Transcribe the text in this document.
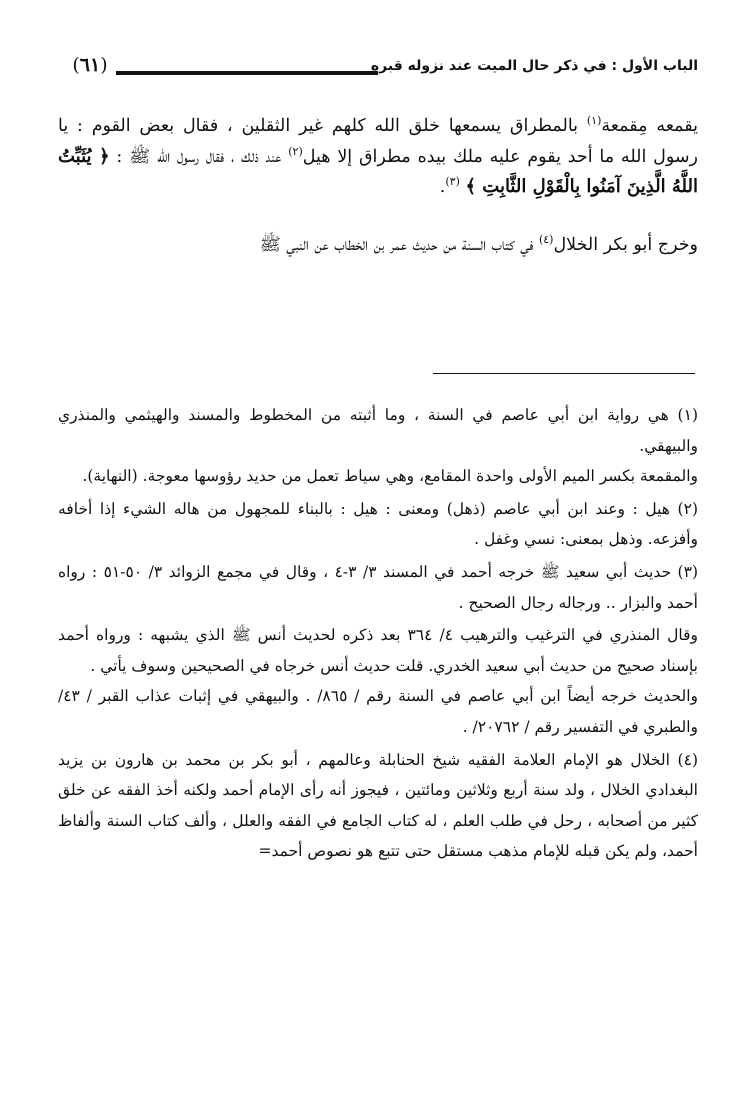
الباب الأول : في ذكر حال الميت عند نزوله قبره
(٦١)

يقمعه مِقمعة$^{(١)}$ بالمطراق يسمعها خلق الله كلهم غير الثقلين ، فقال بعض القوم : يا رسول الله ما أحد يقوم عليه ملك بيده مطراق إلا هيل$^{(٢)}$ عند ذلك ، فقال رسول الله ﷺ : ﴿ يُثَبِّتُ اللَّهُ الَّذِينَ آمَنُوا بِالْقَوْلِ الثَّابِتِ ﴾ $^{(٣)}$.

وخرج أبو بكر الخلال$^{(٤)}$ في كتاب السنة من حديث عمر بن الخطاب عن النبي ﷺ

(١) هي رواية ابن أبي عاصم في السنة ، وما أثبته من المخطوط والمسند والهيثمي والمنذري والبيهقي.

والمقمعة بكسر الميم الأولى واحدة المقامع، وهي سياط تعمل من حديد رؤوسها معوجة. (النهاية).

(٢) هيل : وعند ابن أبي عاصم (ذهل) ومعنى : هيل : بالبناء للمجهول من هاله الشيء إذا أخافه وأفزعه. وذهل بمعنى: نسي وغفل .

(٣) حديث أبي سعيد ﷺ خرجه أحمد في المسند ٣/ ٣-٤ ، وقال في مجمع الزوائد ٣/ ٥٠-٥١ : رواه أحمد والبزار .. ورجاله رجال الصحيح .

وقال المنذري في الترغيب والترهيب ٤/ ٣٦٤ بعد ذكره لحديث أنس ﷺ الذي يشبهه : ورواه أحمد بإسناد صحيح من حديث أبي سعيد الخدري. قلت حديث أنس خرجاه في الصحيحين وسوف يأتي .

والحديث خرجه أيضاً ابن أبي عاصم في السنة رقم / ٨٦٥/ . والبيهقي في إثبات عذاب القبر / ٤٣/ والطبري في التفسير رقم / ٢٠٧٦٢/ .

(٤) الخلال هو الإمام العلامة الفقيه شيخ الحنابلة وعالمهم ، أبو بكر بن محمد بن هارون بن يزيد البغدادي الخلال ، ولد سنة أربع وثلاثين ومائتين ، فيجوز أنه رأى الإمام أحمد ولكنه أخذ الفقه عن خلق كثير من أصحابه ، رحل في طلب العلم ، له كتاب الجامع في الفقه والعلل ، وألف كتاب السنة وألفاظ أحمد، ولم يكن قبله للإمام مذهب مستقل حتى تتبع هو نصوص أحمد=
